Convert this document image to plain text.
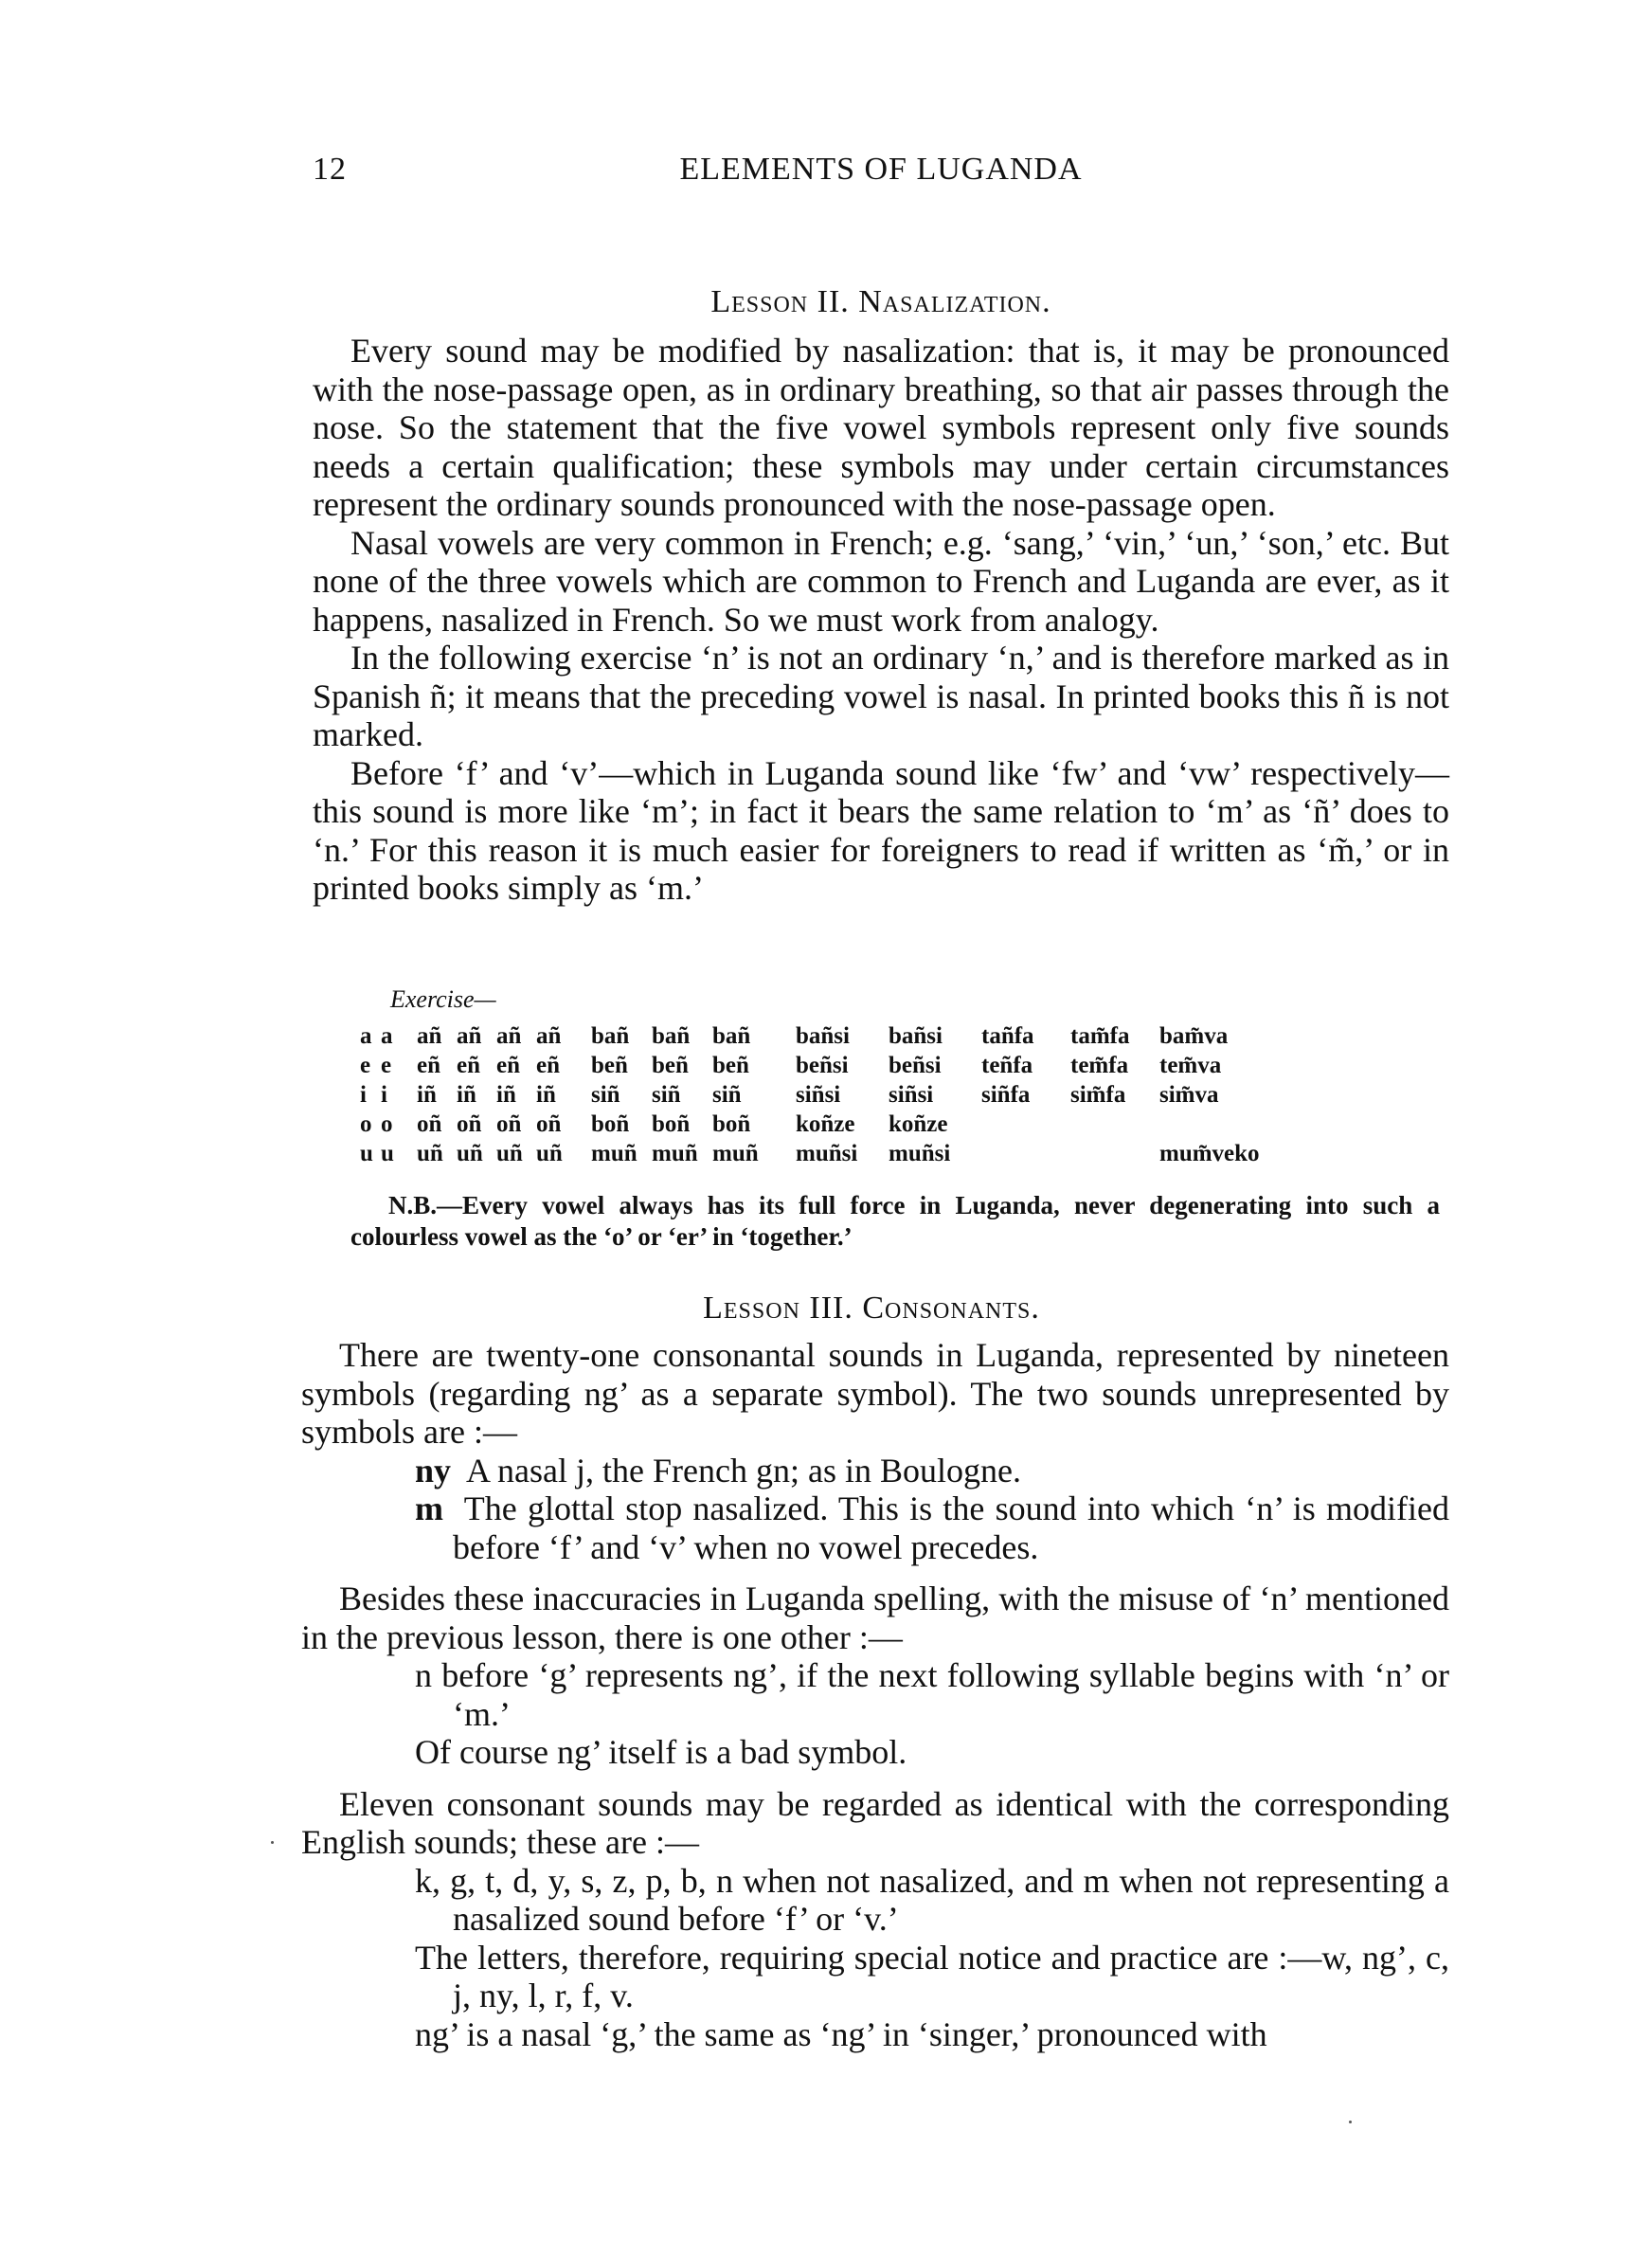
12	ELEMENTS OF LUGANDA
Lesson II. Nasalization.

Every sound may be modified by nasalization: that is, it may be pronounced with the nose-passage open, as in ordinary breathing, so that air passes through the nose. So the statement that the five vowel symbols represent only five sounds needs a certain qualification; these symbols may under certain circumstances represent the ordinary sounds pronounced with the nose-passage open.

Nasal vowels are very common in French; e.g. ‘sang,’ ‘vin,’ ‘un,’ ‘son,’ etc. But none of the three vowels which are common to French and Luganda are ever, as it happens, nasalized in French. So we must work from analogy.

In the following exercise ‘n’ is not an ordinary ‘n,’ and is therefore marked as in Spanish ñ; it means that the preceding vowel is nasal. In printed books this ñ is not marked.

Before ‘f’ and ‘v’—which in Luganda sound like ‘fw’ and ‘vw’ respectively—this sound is more like ‘m’; in fact it bears the same relation to ‘m’ as ‘ñ’ does to ‘n.’ For this reason it is much easier for foreigners to read if written as ‘m̃,’ or in printed books simply as ‘m.’

Exercise—
a	a	añ	añ	añ	añ	bañ	bañ	bañ	bañsi	bañsi	tañfa	tam̃fa	bam̃va
e	e	eñ	eñ	eñ	eñ	beñ	beñ	beñ	beñsi	beñsi	teñfa	tem̃fa	tem̃va
i	i	iñ	iñ	iñ	iñ	siñ	siñ	siñ	siñsi	siñsi	siñfa	sim̃fa	sim̃va
o	o	oñ	oñ	oñ	oñ	boñ	boñ	boñ	koñze	koñze			
u	u	uñ	uñ	uñ	uñ	muñ	muñ	muñ	muñsi	muñsi			mum̃veko

N.B.—Every vowel always has its full force in Luganda, never degenerating into such a colourless vowel as the ‘o’ or ‘er’ in ‘together.’

Lesson III. Consonants.

There are twenty-one consonantal sounds in Luganda, represented by nineteen symbols (regarding ng’ as a separate symbol). The two sounds unrepresented by symbols are :—

ny A nasal j, the French gn; as in Boulogne.

m The glottal stop nasalized. This is the sound into which ‘n’ is modified before ‘f’ and ‘v’ when no vowel precedes.

Besides these inaccuracies in Luganda spelling, with the misuse of ‘n’ mentioned in the previous lesson, there is one other :—

n before ‘g’ represents ng’, if the next following syllable begins with ‘n’ or ‘m.’

Of course ng’ itself is a bad symbol.

Eleven consonant sounds may be regarded as identical with the corresponding English sounds; these are :—

k, g, t, d, y, s, z, p, b, n when not nasalized, and m when not representing a nasalized sound before ‘f’ or ‘v.’

The letters, therefore, requiring special notice and practice are :—w, ng’, c, j, ny, l, r, f, v.

ng’ is a nasal ‘g,’ the same as ‘ng’ in ‘singer,’ pronounced with
